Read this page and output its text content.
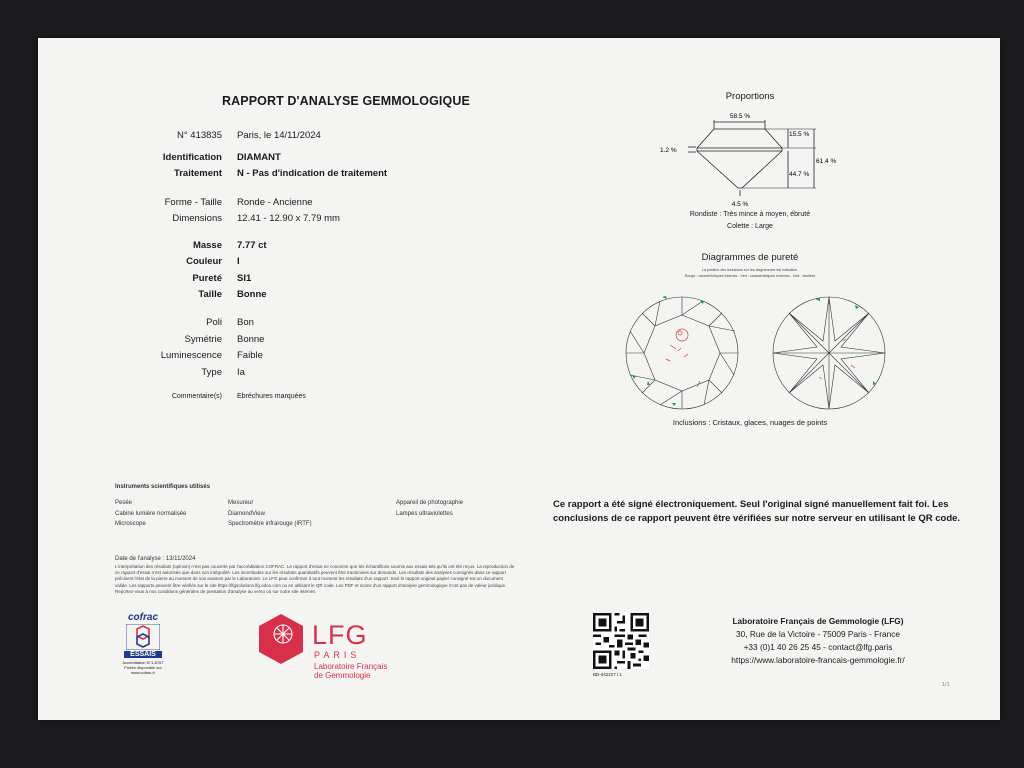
RAPPORT D'ANALYSE GEMMOLOGIQUE
N° 413835 Paris, le 14/11/2024
Identification DIAMANT
Traitement N - Pas d'indication de traitement
Forme - Taille Ronde - Ancienne
Dimensions 12.41 - 12.90 x 7.79 mm
Masse 7.77 ct
Couleur I
Pureté SI1
Taille Bonne
Poli Bon
Symétrie Bonne
Luminescence Faible
Type Ia
Commentaire(s) Ebréchures marquées
Proportions
58.5 %
15.5 %
44.7 %
61.4 %
1.2 %
4.5 %
Rondiste : Très mince à moyen, ébruté
Colette : Large
Diagrammes de pureté
La position des inclusions sur les diagrammes est indicative.
Rouge : caractéristiques internes - Vert : caractéristiques externes - Noir : facettes
Inclusions : Cristaux, glaces, nuages de points
Instruments scientifiques utilisés
Pesée
Cabine lumière normalisée
Microscope
Mesureur
DiamondView
Spectromètre infrarouge (IRTF)
Appareil de photographie
Lampes ultraviolettes
Date de l'analyse : 13/11/2024
L'interprétation des résultats (opinion) n'est pas couverte par l'accréditation COFRAC. Le rapport d'essai ne concerne que les échantillons soumis aux essais tels qu'ils ont été reçus. La reproduction de ce rapport d'essai n'est autorisée que dans son intégralité. Les incertitudes sur les résultats quantitatifs peuvent être transmises sur demande. Les résultats des analyses consignés dans ce rapport précisent l'état de la pierre au moment de son examen par le Laboratoire. Le LFG peut confirmer à tout moment les résultats d'un rapport. Seul le rapport original papier consigné est un document valide. Les rapports peuvent être vérifiés sur le site https://lfgsolutions.lfg.odoo.com ou en utilisant le QR code. Les PDF et scans d'un rapport d'analyse gemmologique n'ont pas de valeur juridique. Reportez-vous à nos conditions générales de prestation d'analyse au verso ou sur notre site internet.
Ce rapport a été signé électroniquement. Seul l'original signé manuellement fait foi. Les conclusions de ce rapport peuvent être vérifiées sur notre serveur en utilisant le QR code.
cofrac
ESSAIS
Accréditation N°1-6767
Portée disponible sur
www.cofrac.fr
LFG
PARIS
Laboratoire Français
de Gemmologie	BD-042227 / 1
Laboratoire Français de Gemmologie (LFG)
30, Rue de la Victoire - 75009 Paris - France
+33 (0)1 40 26 25 45 - contact@lfg.paris
https://www.laboratoire-francais-gemmologie.fr/
1/1
